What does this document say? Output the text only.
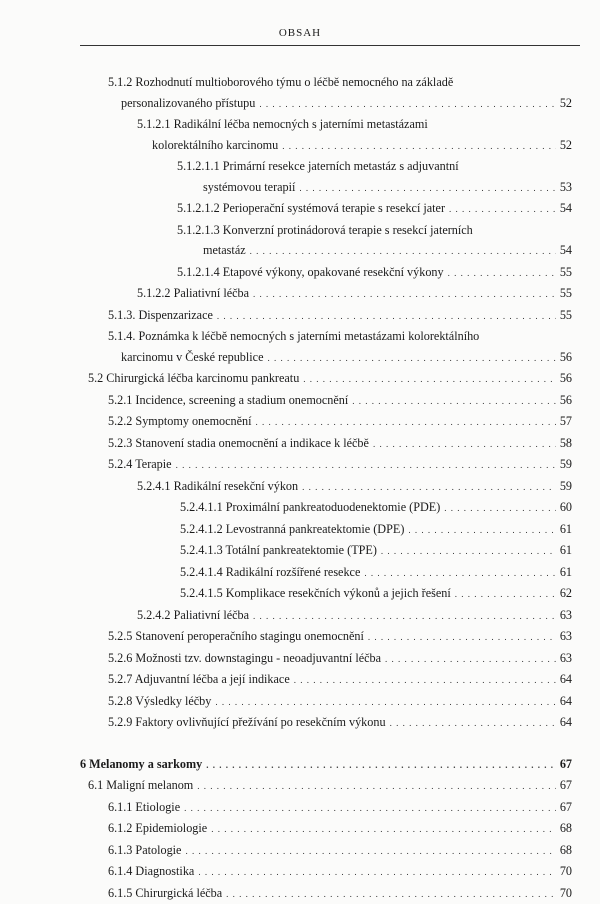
OBSAH
5.1.2 Rozhodnutí multioborového týmu o léčbě nemocného na základě
personalizovaného přístupu . . .	52
5.1.2.1 Radikální léčba nemocných s jaterními metastázami
kolorektálního karcinomu . . .	52
5.1.2.1.1 Primární resekce jaterních metastáz s adjuvantní
systémovou terapií . . .	53
5.1.2.1.2 Perioperační systémová terapie s resekcí jater . . .	54
5.1.2.1.3 Konverzní protinádorová terapie s resekcí jaterních
metastáz . . .	54
5.1.2.1.4 Etapové výkony, opakované resekční výkony . . .	55
5.1.2.2 Paliativní léčba . . .	55
5.1.3. Dispenzarizace . . .	55
5.1.4. Poznámka k léčbě nemocných s jaterními metastázami kolorektálního
karcinomu v České republice . . .	56
5.2 Chirurgická léčba karcinomu pankreatu . . .	56
5.2.1 Incidence, screening a stadium onemocnění . . .	56
5.2.2 Symptomy onemocnění . . .	57
5.2.3 Stanovení stadia onemocnění a indikace k léčbě . . .	58
5.2.4 Terapie . . .	59
5.2.4.1 Radikální resekční výkon . . .	59
5.2.4.1.1 Proximální pankreatoduodenektomie (PDE) . . .	60
5.2.4.1.2 Levostranná pankreatektomie (DPE) . . .	61
5.2.4.1.3 Totální pankreatektomie (TPE) . . .	61
5.2.4.1.4 Radikální rozšířené resekce . . .	61
5.2.4.1.5 Komplikace resekčních výkonů a jejich řešení . . .	62
5.2.4.2 Paliativní léčba . . .	63
5.2.5 Stanovení peroperačního stagingu onemocnění . . .	63
5.2.6 Možnosti tzv. downstagingu - neoadjuvantní léčba . . .	63
5.2.7 Adjuvantní léčba a její indikace . . .	64
5.2.8 Výsledky léčby . . .	64
5.2.9 Faktory ovlivňující přežívání po resekčním výkonu . . .	64
6 Melanomy a sarkomy . . .	67
6.1 Maligní melanom . . .	67
6.1.1 Etiologie . . .	67
6.1.2 Epidemiologie . . .	68
6.1.3 Patologie . . .	68
6.1.4 Diagnostika . . .	70
6.1.5 Chirurgická léčba . . .	70
